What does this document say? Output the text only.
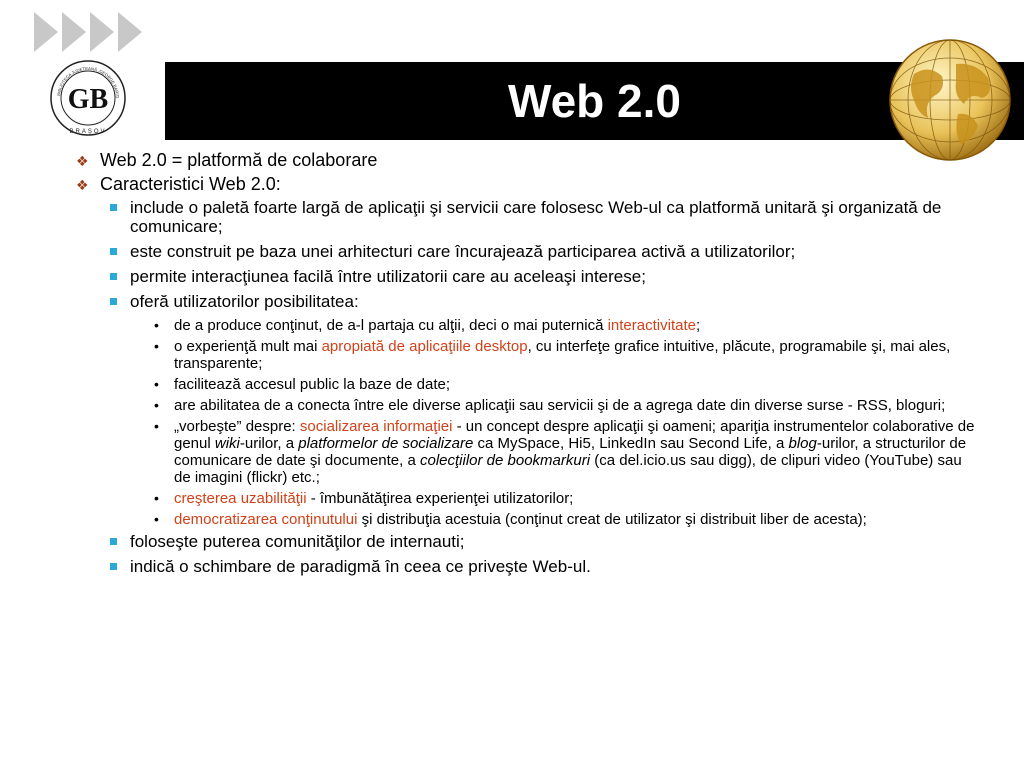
Web 2.0
BIBLIOTECA JUDEŢEANĂ „GEORGE BARIŢI
GB
BRAŞOV
❖ Web 2.0 = platformă de colaborare
❖ Caracteristici Web 2.0:
include o paletă foarte largă de aplicaţii şi servicii care folosesc Web-ul ca platformă unitară şi organizată de comunicare;
este construit pe baza unei arhitecturi care încurajează participarea activă a utilizatorilor;
permite interacţiunea facilă între utilizatorii care au aceleaşi interese;
oferă utilizatorilor posibilitatea:
• de a produce conţinut, de a-l partaja cu alţii, deci o mai puternică interactivitate;
• o experienţă mult mai apropiată de aplicaţiile desktop, cu interfeţe grafice intuitive, plăcute, programabile şi, mai ales, transparente;
• facilitează accesul public la baze de date;
• are abilitatea de a conecta între ele diverse aplicaţii sau servicii şi de a agrega date din diverse surse - RSS, bloguri;
• „vorbeşte” despre: socializarea informaţiei - un concept despre aplicaţii şi oameni; apariţia instrumentelor colaborative de genul wiki-urilor, a platformelor de socializare ca MySpace, Hi5, LinkedIn sau Second Life, a blog-urilor, a structurilor de comunicare de date şi documente, a colecţiilor de bookmarkuri (ca del.icio.us sau digg), de clipuri video (YouTube) sau de imagini (flickr) etc.;
• creşterea uzabilităţii - îmbunătăţirea experienţei utilizatorilor;
• democratizarea conţinutului şi distribuţia acestuia (conţinut creat de utilizator şi distribuit liber de acesta);
foloseşte puterea comunităţilor de internauti;
indică o schimbare de paradigmă în ceea ce priveşte Web-ul.
